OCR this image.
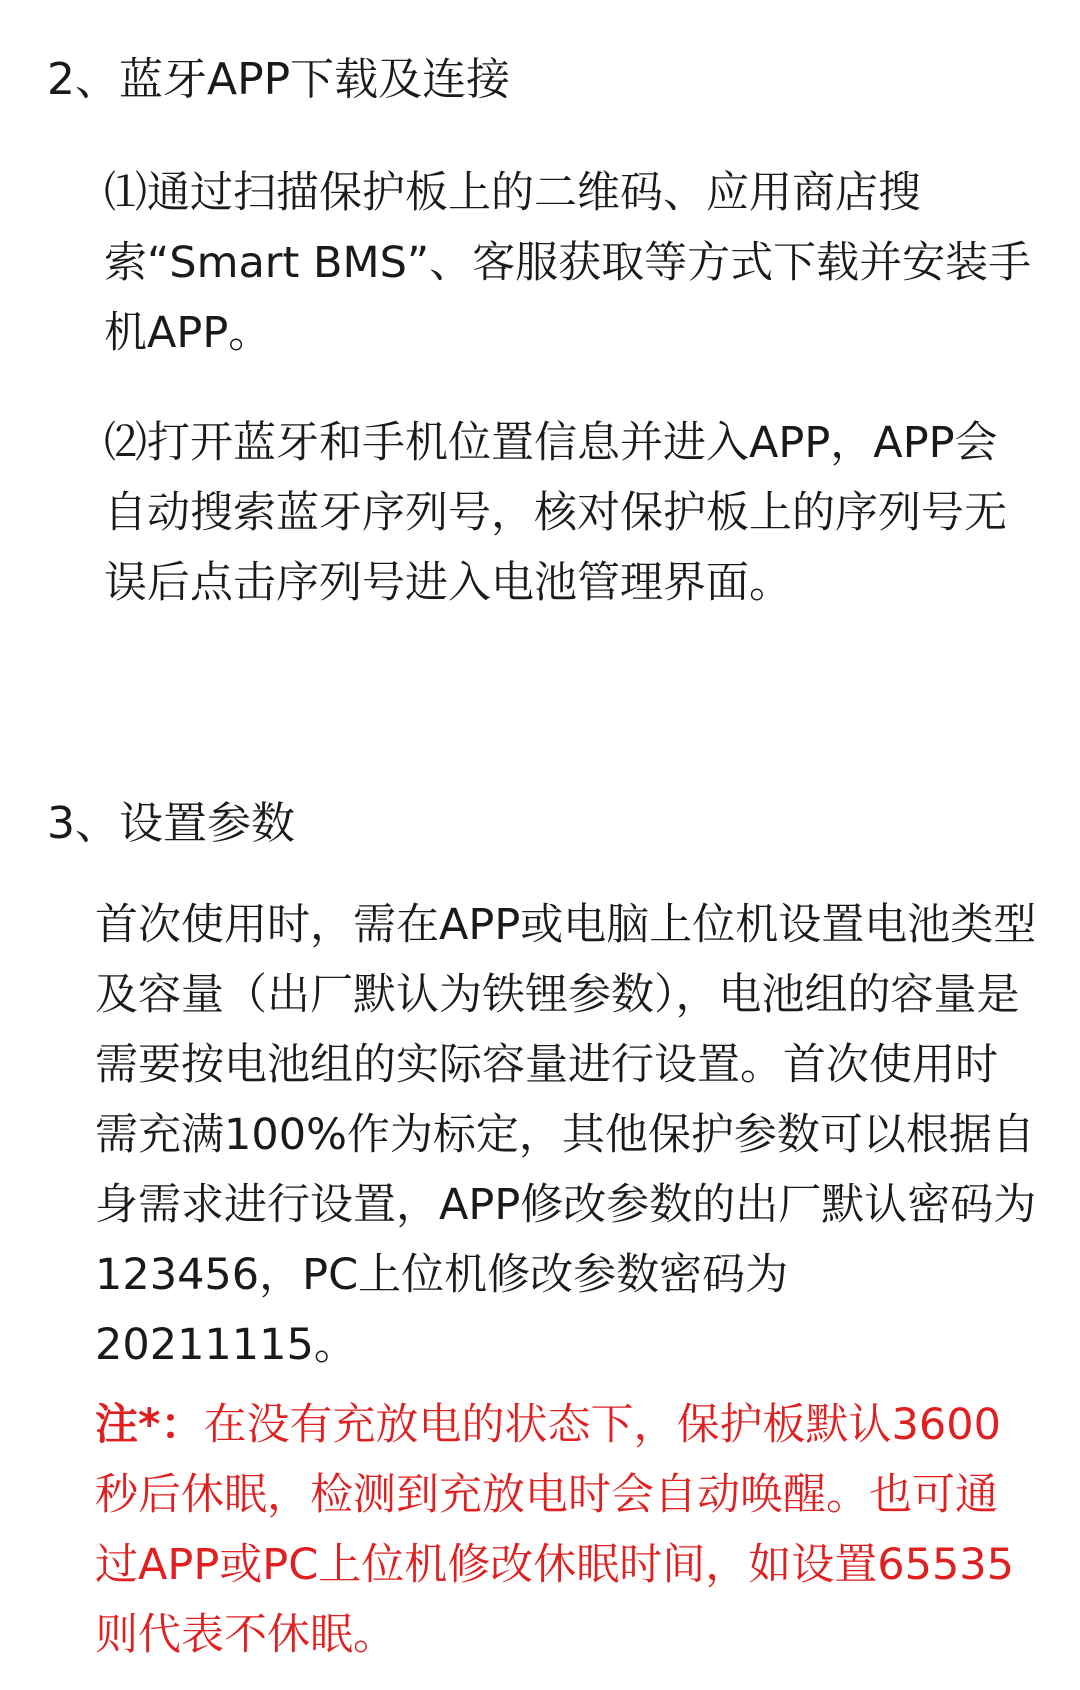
2、蓝牙APP下载及连接

⑴通过扫描保护板上的二维码、应用商店搜索“Smart BMS”、客服获取等方式下载并安装手机APP。

⑵打开蓝牙和手机位置信息并进入APP，APP会自动搜索蓝牙序列号，核对保护板上的序列号无误后点击序列号进入电池管理界面。

3、设置参数

首次使用时，需在APP或电脑上位机设置电池类型及容量（出厂默认为铁锂参数），电池组的容量是需要按电池组的实际容量进行设置。首次使用时需充满100%作为标定，其他保护参数可以根据自身需求进行设置，APP修改参数的出厂默认密码为123456，PC上位机修改参数密码为20211115。

注*：在没有充放电的状态下，保护板默认3600秒后休眠，检测到充放电时会自动唤醒。也可通过APP或PC上位机修改休眠时间，如设置65535则代表不休眠。
